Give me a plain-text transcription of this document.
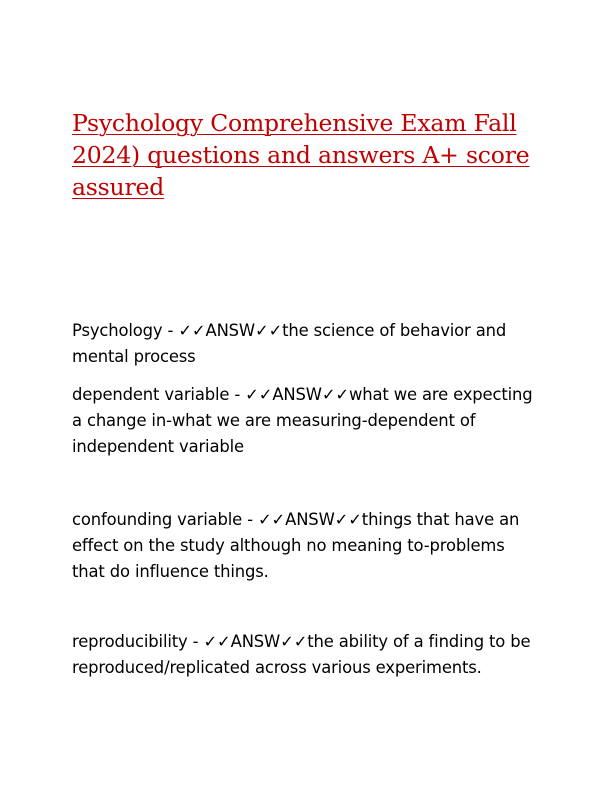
Psychology Comprehensive Exam Fall 2024) questions and answers A+ score assured

Psychology - ✓✓ANSW✓✓the science of behavior and mental process

dependent variable - ✓✓ANSW✓✓what we are expecting a change in-what we are measuring-dependent of independent variable

confounding variable - ✓✓ANSW✓✓things that have an effect on the study although no meaning to-problems that do influence things.

reproducibility - ✓✓ANSW✓✓the ability of a finding to be reproduced/replicated across various experiments.
